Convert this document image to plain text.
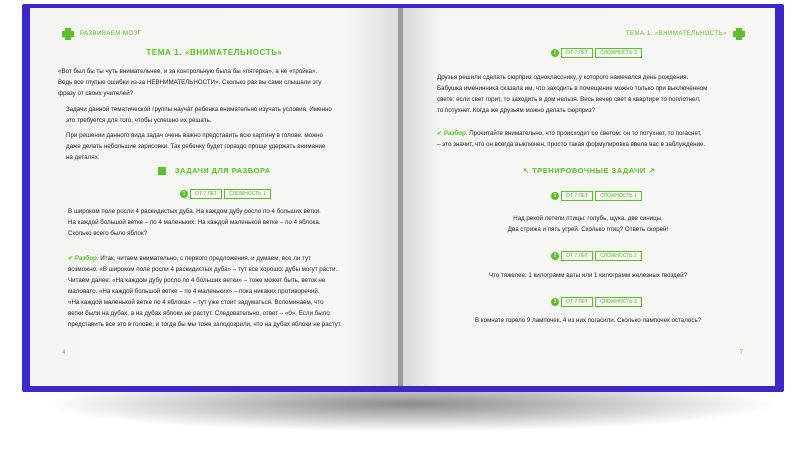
РАЗВИВАЕМ МОЗГ
ТЕМА 1. «ВНИМАТЕЛЬНОСТЬ»
«Вот был бы ты чуть внимательнее, и за контрольную была бы «пятерка», а не «тройка».
Ведь все глупые ошибки из-за НЕВНИМАТЕЛЬНОСТИ». Сколько раз вы сами слышали эту
фразу от своих учителей?
Задачи данной тематической группы научат ребенка внимательно изучать условия. Именно
это требуется для того, чтобы успешно их решать.
При решении данного вида задач очень важно представить всю картину в голове, можно
даже делать небольшие зарисовки. Так ребенку будет гораздо проще удержать внимание
на деталях.
ЗАДАЧИ ДЛЯ РАЗБОРА
1	ОТ 7 ЛЕТ	СЛОЖНОСТЬ 1
В широком поле росли 4 раскидистых дуба. На каждом дубу росло по 4 больших ветки.
На каждой большой ветке – по 4 маленьких. На каждой маленькой ветке – по 4 яблока.
Сколько всего было яблок?
✔ Разбор. Итак, читаем внимательно, с первого предложения, и думаем, все ли тут
возможно. «В широком поле росли 4 раскидистых дуба» – тут все хорошо: дубы могут расти.
Читаем далее: «На каждом дубу росло по 4 больших ветки» – тоже может быть, веток не
маловато. «На каждой большой ветке – по 4 маленьких» – пока никаких противоречий.
«На каждой маленькой ветке по 4 яблока» – тут уже стоит задуматься. Вспоминаем, что
ветки были на дубах, а на дубах яблоки не растут. Следовательно, ответ – «0». Если было
представить все это в голове, и тогда бы мы тоже заподозрили, что на дубах яблоки не растут.
4
ТЕМА 1. «ВНИМАТЕЛЬНОСТЬ»
2	ОТ 7 ЛЕТ	СЛОЖНОСТЬ 3
Друзья решили сделать сюрприз однокласснику, у которого намечался день рождения.
Бабушка именинника сказала им, что заходить в помещение можно только при выключенном
свете: если свет горит, то заходить в дом нельзя. Весь вечер свет в квартире то поплотнел,
то потухнет. Когда же друзьям можно делать сюрприз?
✔ Разбор. Прочитайте внимательно, что происходит со светом: он то потухнет, то погаснет,
– это значит, что он всегда выключен, просто такая формулировка ввела вас в заблуждение.
↖ ТРЕНИРОВОЧНЫЕ ЗАДАЧИ ↗
1	ОТ 7 ЛЕТ	СЛОЖНОСТЬ 1
Над рекой летели птицы: голубь, щука, две синицы.
Два стрижа и пять угрей. Сколько птиц? Ответь скорей!
2	ОТ 7 ЛЕТ	СЛОЖНОСТЬ 2
Что тяжелее: 1 килограмм ваты или 1 килограмм железных гвоздей?
3	ОТ 7 ЛЕТ	СЛОЖНОСТЬ 3
В комнате горело 9 лампочек, 4 из них погасили. Сколько лампочек осталось?
7
